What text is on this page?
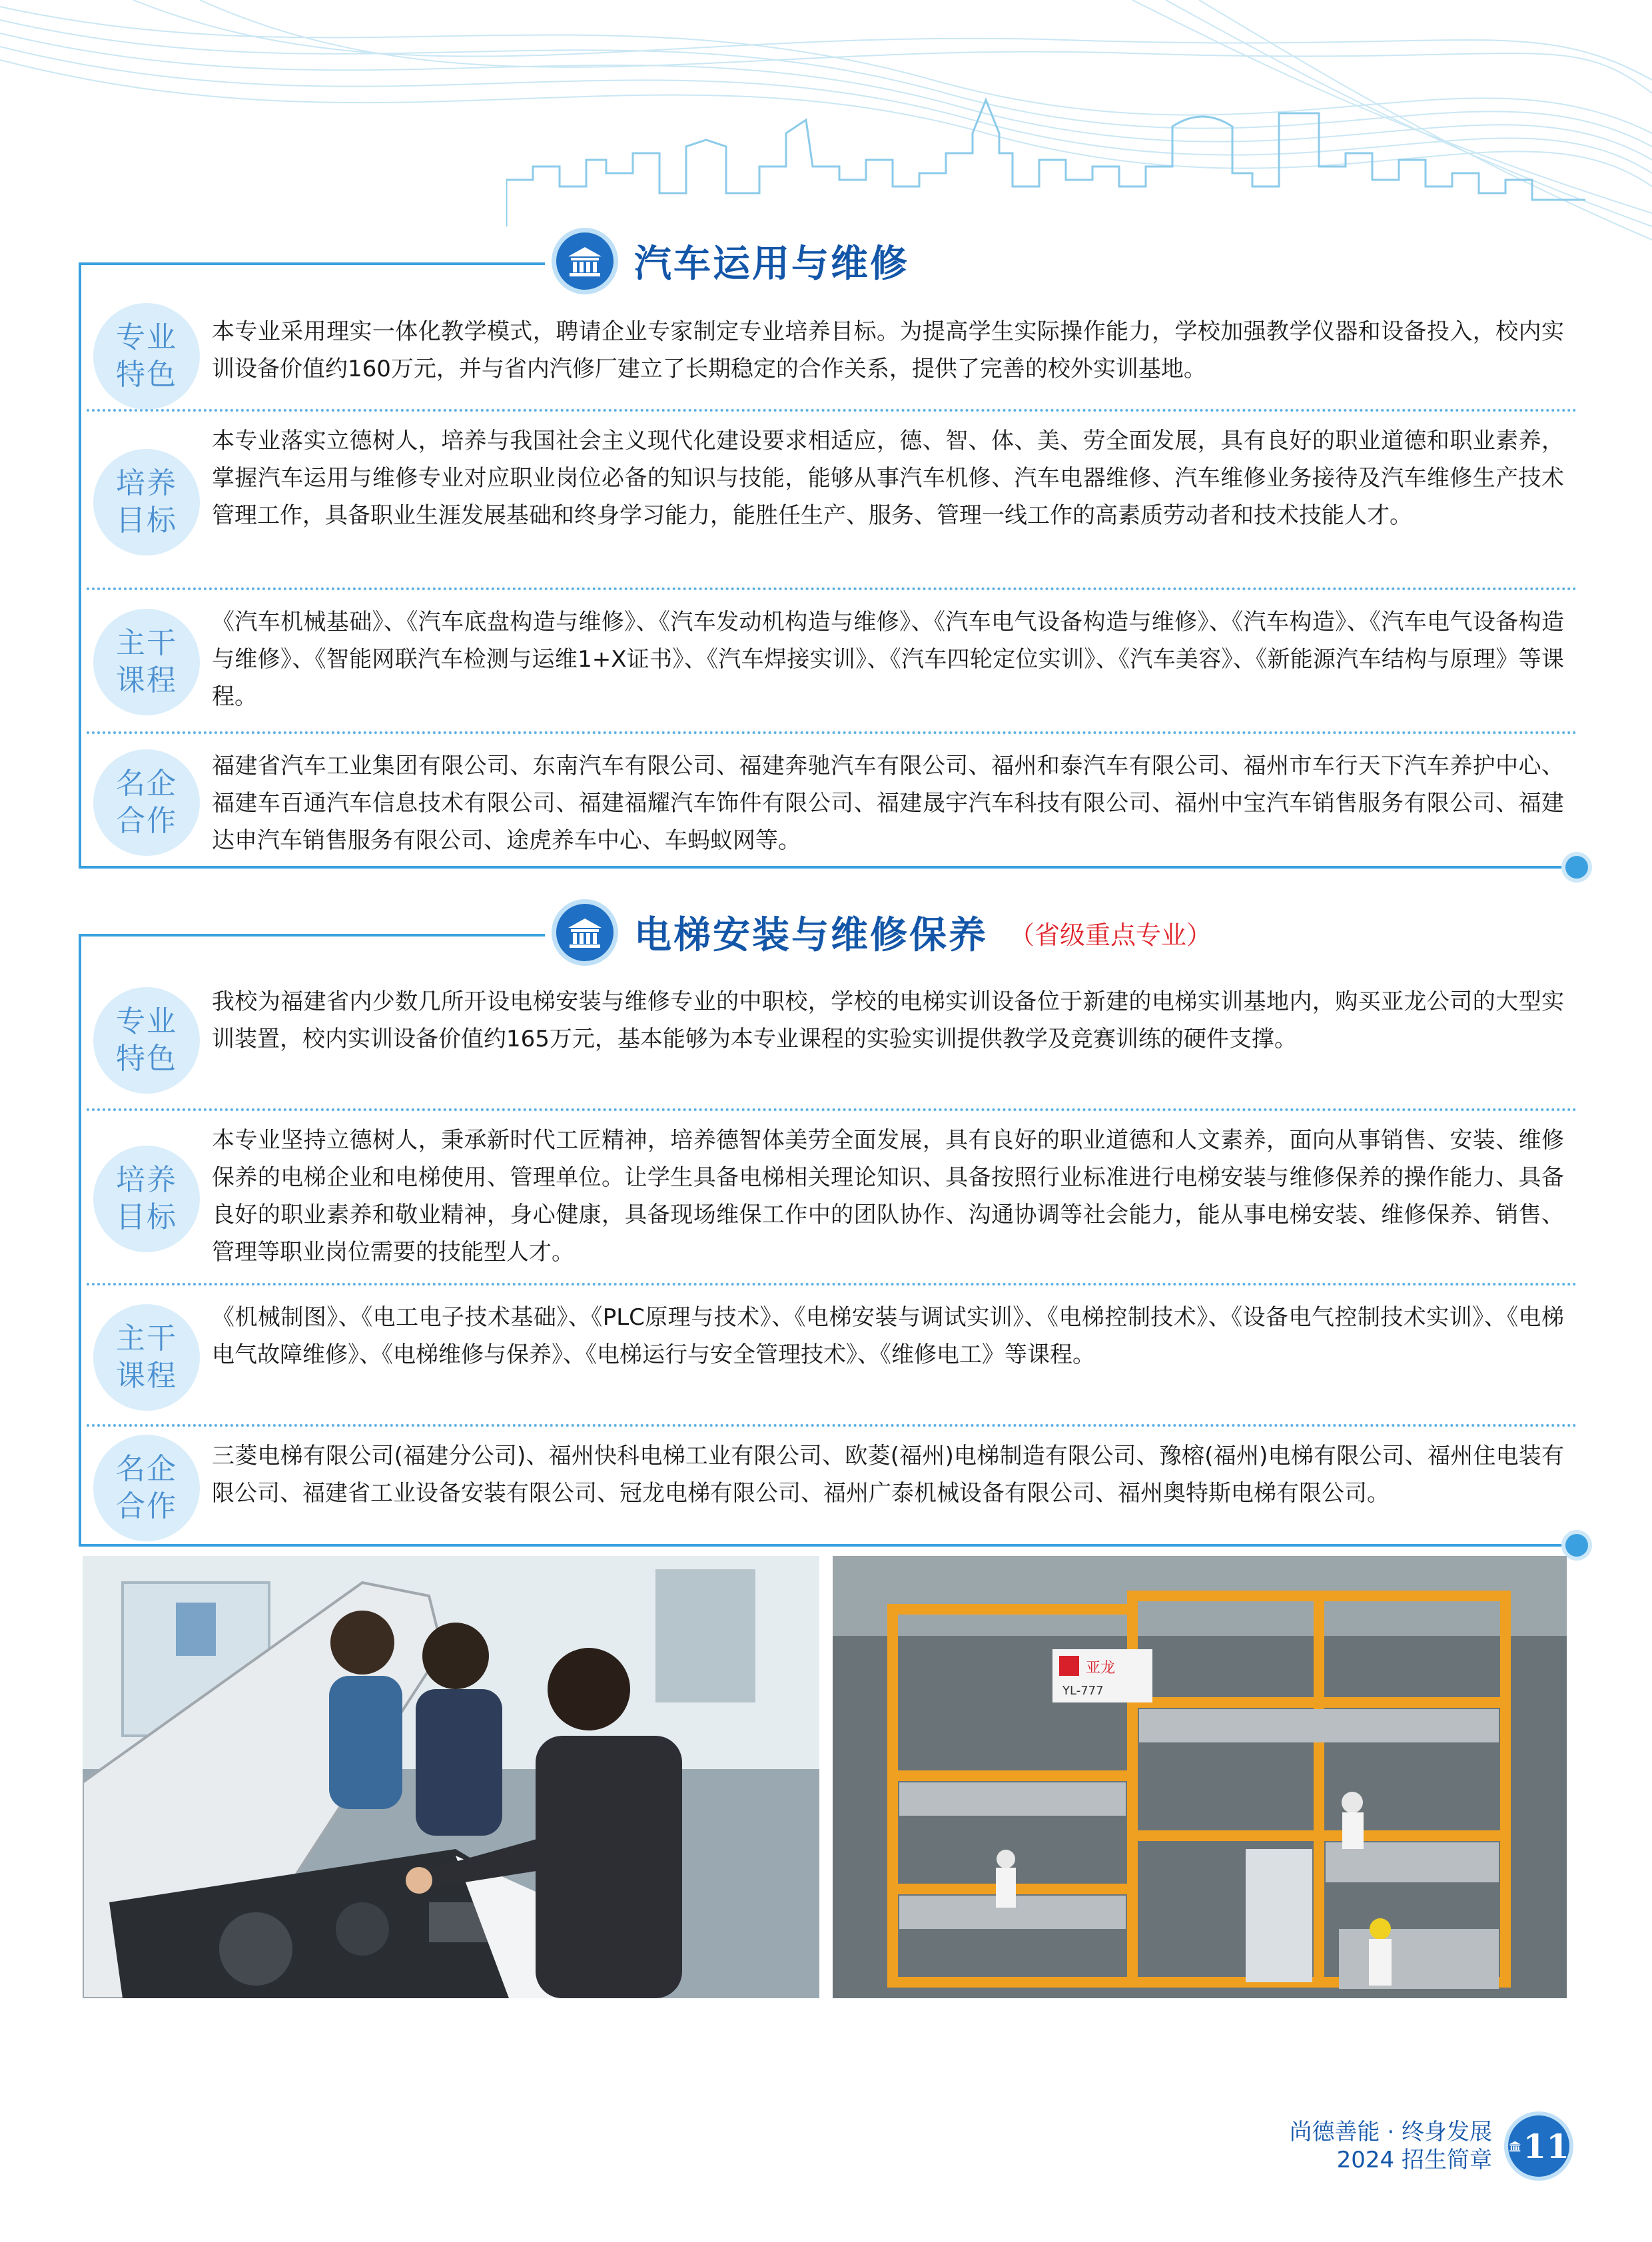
汽车运用与维修
专业
特色
本专业采用理实一体化教学模式，聘请企业专家制定专业培养目标。为提高学生实际操作能力，学校加强教学仪器和设备投入，校内实训设备价值约160万元，并与省内汽修厂建立了长期稳定的合作关系，提供了完善的校外实训基地。
培养
目标
本专业落实立德树人，培养与我国社会主义现代化建设要求相适应，德、智、体、美、劳全面发展，具有良好的职业道德和职业素养，掌握汽车运用与维修专业对应职业岗位必备的知识与技能，能够从事汽车机修、汽车电器维修、汽车维修业务接待及汽车维修生产技术管理工作，具备职业生涯发展基础和终身学习能力，能胜任生产、服务、管理一线工作的高素质劳动者和技术技能人才。
主干
课程
《汽车机械基础》、《汽车底盘构造与维修》、《汽车发动机构造与维修》、《汽车电气设备构造与维修》、《汽车构造》、《汽车电气设备构造与维修》、《智能网联汽车检测与运维1+X证书》、《汽车焊接实训》、《汽车四轮定位实训》、《汽车美容》、《新能源汽车结构与原理》等课程。
名企
合作
福建省汽车工业集团有限公司、东南汽车有限公司、福建奔驰汽车有限公司、福州和泰汽车有限公司、福州市车行天下汽车养护中心、福建车百通汽车信息技术有限公司、福建福耀汽车饰件有限公司、福建晟宇汽车科技有限公司、福州中宝汽车销售服务有限公司、福建达申汽车销售服务有限公司、途虎养车中心、车蚂蚁网等。
电梯安装与维修保养 （省级重点专业）
专业
特色
我校为福建省内少数几所开设电梯安装与维修专业的中职校，学校的电梯实训设备位于新建的电梯实训基地内，购买亚龙公司的大型实训装置，校内实训设备价值约165万元，基本能够为本专业课程的实验实训提供教学及竞赛训练的硬件支撑。
培养
目标
本专业坚持立德树人，秉承新时代工匠精神，培养德智体美劳全面发展，具有良好的职业道德和人文素养，面向从事销售、安装、维修保养的电梯企业和电梯使用、管理单位。让学生具备电梯相关理论知识、具备按照行业标准进行电梯安装与维修保养的操作能力、具备良好的职业素养和敬业精神，身心健康，具备现场维保工作中的团队协作、沟通协调等社会能力，能从事电梯安装、维修保养、销售、管理等职业岗位需要的技能型人才。
主干
课程
《机械制图》、《电工电子技术基础》、《PLC原理与技术》、《电梯安装与调试实训》、《电梯控制技术》、《设备电气控制技术实训》、《电梯电气故障维修》、《电梯维修与保养》、《电梯运行与安全管理技术》、《维修电工》等课程。
名企
合作
三菱电梯有限公司(福建分公司)、福州快科电梯工业有限公司、欧菱(福州)电梯制造有限公司、豫榕(福州)电梯有限公司、福州住电装有限公司、福建省工业设备安装有限公司、冠龙电梯有限公司、福州广泰机械设备有限公司、福州奥特斯电梯有限公司。
亚龙
YL-777
尚德善能 · 终身发展
2024 招生简章 11
